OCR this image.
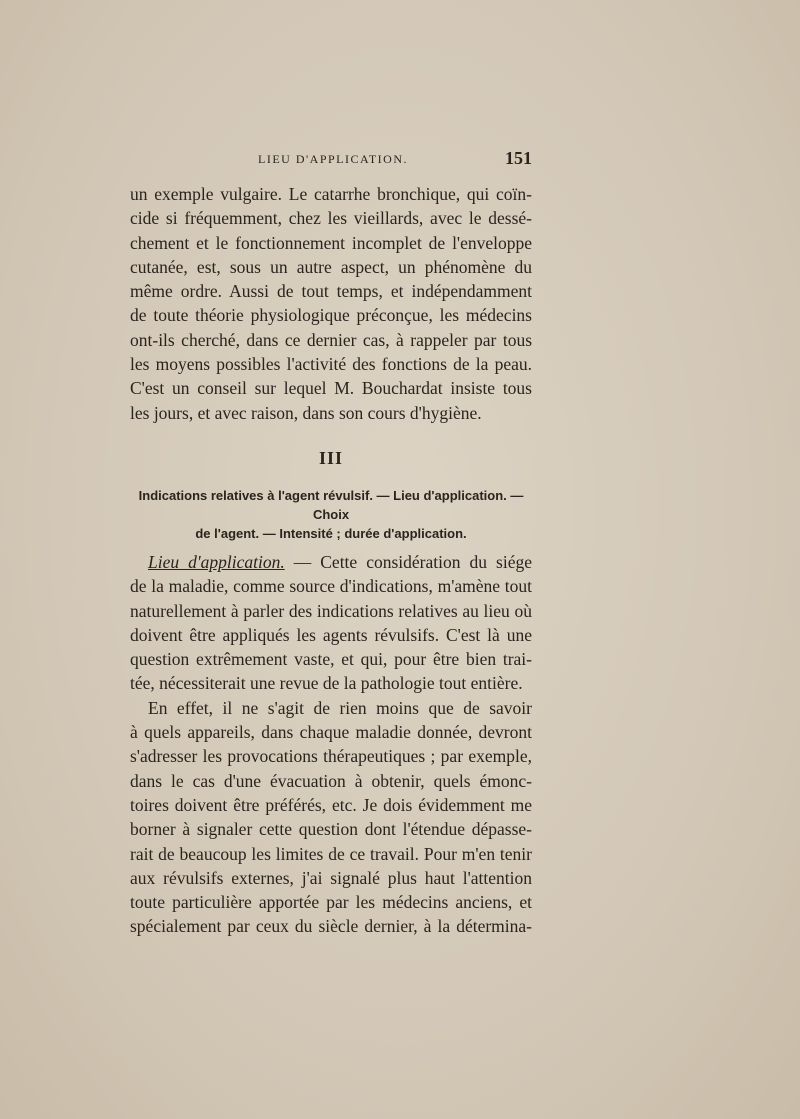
LIEU D'APPLICATION.	151
un exemple vulgaire. Le catarrhe bronchique, qui coïn-
cide si fréquemment, chez les vieillards, avec le dessé-
chement et le fonctionnement incomplet de l'enveloppe
cutanée, est, sous un autre aspect, un phénomène du
même ordre. Aussi de tout temps, et indépendamment
de toute théorie physiologique préconçue, les médecins
ont-ils cherché, dans ce dernier cas, à rappeler par tous
les moyens possibles l'activité des fonctions de la peau.
C'est un conseil sur lequel M. Bouchardat insiste tous
les jours, et avec raison, dans son cours d'hygiène.
III
Indications relatives à l'agent révulsif. — Lieu d'application. — Choix
de l'agent. — Intensité ; durée d'application.
Lieu d'application. — Cette considération du siége
de la maladie, comme source d'indications, m'amène tout
naturellement à parler des indications relatives au lieu où
doivent être appliqués les agents révulsifs. C'est là une
question extrêmement vaste, et qui, pour être bien trai-
tée, nécessiterait une revue de la pathologie tout entière.
En effet, il ne s'agit de rien moins que de savoir
à quels appareils, dans chaque maladie donnée, devront
s'adresser les provocations thérapeutiques ; par exemple,
dans le cas d'une évacuation à obtenir, quels émonc-
toires doivent être préférés, etc. Je dois évidemment me
borner à signaler cette question dont l'étendue dépasse-
rait de beaucoup les limites de ce travail. Pour m'en tenir
aux révulsifs externes, j'ai signalé plus haut l'attention
toute particulière apportée par les médecins anciens, et
spécialement par ceux du siècle dernier, à la détermina-
